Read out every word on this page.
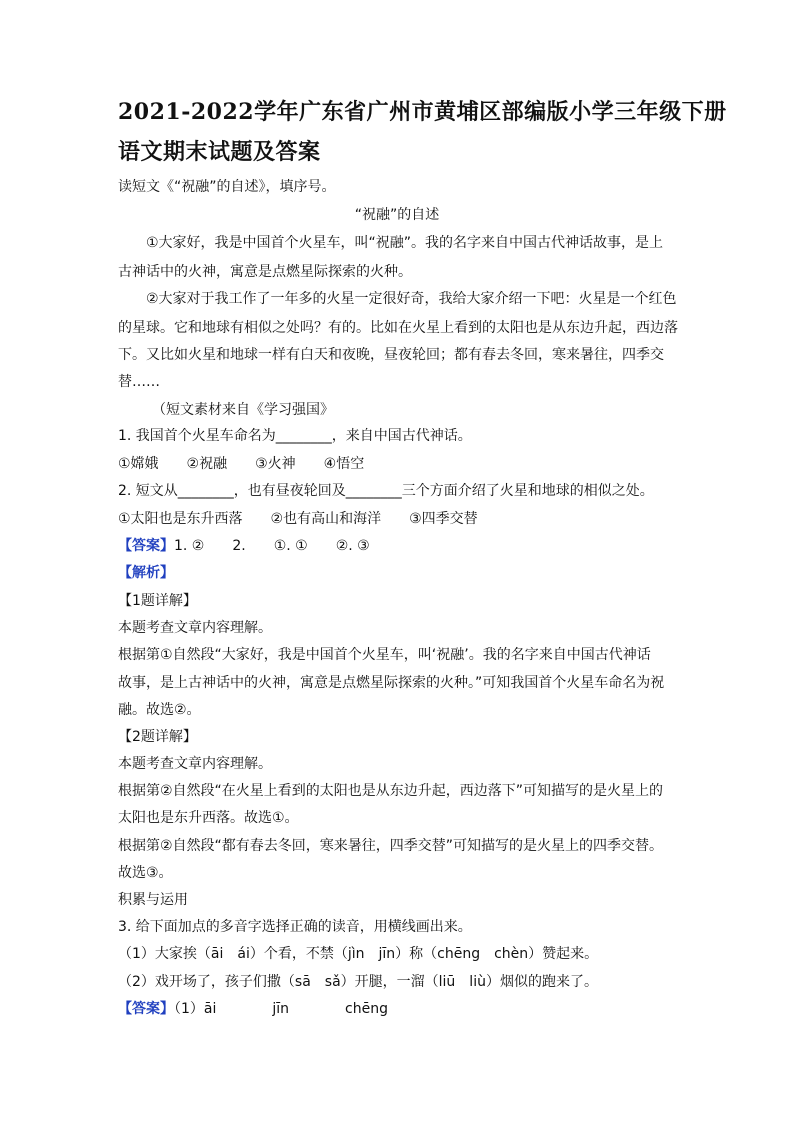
2021-2022学年广东省广州市黄埔区部编版小学三年级下册
语文期末试题及答案
读短文《“祝融”的自述》，填序号。
“祝融”的自述
①大家好，我是中国首个火星车，叫“祝融”。我的名字来自中国古代神话故事，是上
古神话中的火神，寓意是点燃星际探索的火种。
②大家对于我工作了一年多的火星一定很好奇，我给大家介绍一下吧：火星是一个红色
的星球。它和地球有相似之处吗？有的。比如在火星上看到的太阳也是从东边升起，西边落
下。又比如火星和地球一样有白天和夜晚，昼夜轮回；都有春去冬回，寒来暑往，四季交
替……
（短文素材来自《学习强国》
1. 我国首个火星车命名为________，来自中国古代神话。
①嫦娥　　②祝融　　③火神　　④悟空
2. 短文从________，也有昼夜轮回及________三个方面介绍了火星和地球的相似之处。
①太阳也是东升西落　　②也有高山和海洋　　③四季交替
【答案】1. ②　　2.　　①. ①　　②. ③
【解析】
【1题详解】
本题考查文章内容理解。
根据第①自然段“大家好，我是中国首个火星车，叫‘祝融’。我的名字来自中国古代神话
故事，是上古神话中的火神，寓意是点燃星际探索的火种。”可知我国首个火星车命名为祝
融。故选②。
【2题详解】
本题考查文章内容理解。
根据第②自然段“在火星上看到的太阳也是从东边升起，西边落下”可知描写的是火星上的
太阳也是东升西落。故选①。
根据第②自然段“都有春去冬回，寒来暑往，四季交替”可知描写的是火星上的四季交替。
故选③。
积累与运用
3. 给下面加点的多音字选择正确的读音，用横线画出来。
（1）大家挨（āi　ái）个看，不禁（jìn　jīn）称（chēng　chèn）赞起来。
（2）戏开场了，孩子们撒（sā　sǎ）开腿，一溜（liū　liù）烟似的跑来了。
【答案】（1）āi　　　　jīn　　　　chēng
